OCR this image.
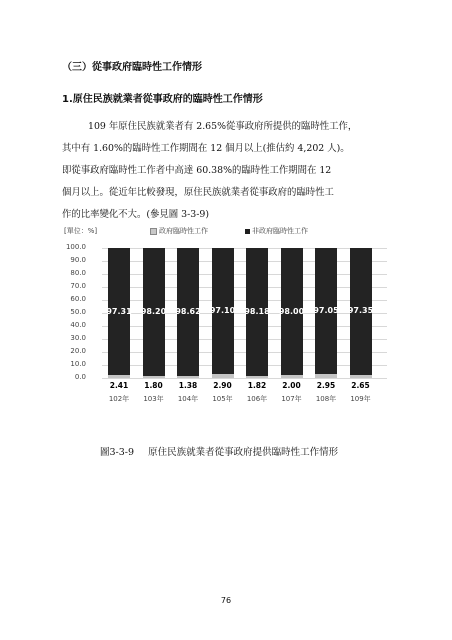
（三）從事政府臨時性工作情形
1.原住民族就業者從事政府的臨時性工作情形
109 年原住民族就業者有 2.65%從事政府所提供的臨時性工作，
其中有 1.60%的臨時性工作期間在 12 個月以上(推估約 4,202 人)。
即從事政府臨時性工作者中高達 60.38%的臨時性工作期間在 12
個月以上。從近年比較發現，原住民族就業者從事政府的臨時性工
作的比率變化不大。(參見圖 3-3-9)
[單位：%]	政府臨時性工作	非政府臨時性工作
0.0
10.0
20.0
30.0
40.0
50.0
60.0
70.0
80.0
90.0
100.0
97.31
2.41
102年
98.20
1.80
103年
98.62
1.38
104年
97.10
2.90
105年
98.18
1.82
106年
98.00
2.00
107年
97.05
2.95
108年
97.35
2.65
109年
圖3-3-9 原住民族就業者從事政府提供臨時性工作情形
76
